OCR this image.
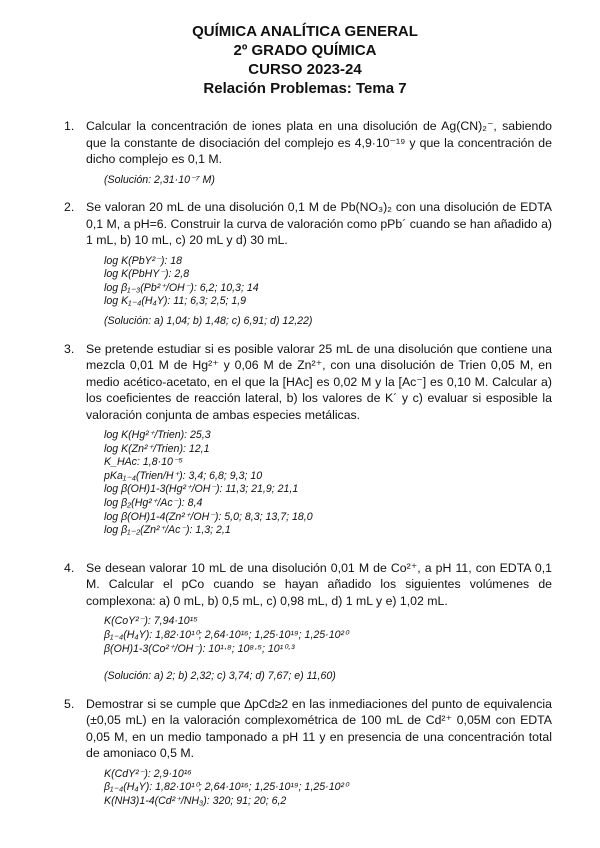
QUÍMICA ANALÍTICA GENERAL
2º GRADO QUÍMICA
CURSO 2023-24
Relación Problemas: Tema 7
1. Calcular la concentración de iones plata en una disolución de Ag(CN)₂⁻, sabiendo que la constante de disociación del complejo es 4,9·10⁻¹⁹ y que la concentración de dicho complejo es 0,1 M.

(Solución: 2,31·10⁻⁷ M)
2. Se valoran 20 mL de una disolución 0,1 M de Pb(NO₃)₂ con una disolución de EDTA 0,1 M, a pH=6. Construir la curva de valoración como pPb´ cuando se han añadido a) 1 mL, b) 10 mL, c) 20 mL y d) 30 mL.

log K(PbY²⁻): 18
log K(PbHY⁻): 2,8
log β₁₋₃(Pb²⁺/OH⁻): 6,2; 10,3; 14
log K₁₋₄(H₄Y): 11; 6,3; 2,5; 1,9
(Solución: a) 1,04; b) 1,48; c) 6,91; d) 12,22)
3. Se pretende estudiar si es posible valorar 25 mL de una disolución que contiene una mezcla 0,01 M de Hg²⁺ y 0,06 M de Zn²⁺, con una disolución de Trien 0,05 M, en medio acético-acetato, en el que la [HAc] es 0,02 M y la [Ac⁻] es 0,10 M. Calcular a) los coeficientes de reacción lateral, b) los valores de K´ y c) evaluar si esposible la valoración conjunta de ambas especies metálicas.

log K(Hg²⁺/Trien): 25,3
log K(Zn²⁺/Trien): 12,1
K_HAc: 1,8·10⁻⁵
pKa₁₋₄(Trien/H⁺): 3,4; 6,8; 9,3; 10
log β(OH)1-3(Hg²⁺/OH⁻): 11,3; 21,9; 21,1
log β₂(Hg²⁺/Ac⁻): 8,4
log β(OH)1-4(Zn²⁺/OH⁻): 5,0; 8,3; 13,7; 18,0
log β₁₋₂(Zn²⁺/Ac⁻): 1,3; 2,1
4. Se desean valorar 10 mL de una disolución 0,01 M de Co²⁺, a pH 11, con EDTA 0,1 M. Calcular el pCo cuando se hayan añadido los siguientes volúmenes de complexona: a) 0 mL, b) 0,5 mL, c) 0,98 mL, d) 1 mL y e) 1,02 mL.

K(CoY²⁻): 7,94·10¹⁵
β₁₋₄(H₄Y): 1,82·10¹⁰; 2,64·10¹⁶; 1,25·10¹⁹; 1,25·10²⁰
β(OH)1-3(Co²⁺/OH⁻): 10¹·⁸; 10⁸·⁵; 10¹⁰·³
(Solución: a) 2; b) 2,32; c) 3,74; d) 7,67; e) 11,60)
5. Demostrar si se cumple que ∆pCd≥2 en las inmediaciones del punto de equivalencia (±0,05 mL) en la valoración complexométrica de 100 mL de Cd²⁺ 0,05M con EDTA 0,05 M, en un medio tamponado a pH 11 y en presencia de una concentración total de amoniaco 0,5 M.

K(CdY²⁻): 2,9·10¹⁶
β₁₋₄(H₄Y): 1,82·10¹⁰; 2,64·10¹⁶; 1,25·10¹⁹; 1,25·10²⁰
K(NH3)1-4(Cd²⁺/NH₃): 320; 91; 20; 6,2
